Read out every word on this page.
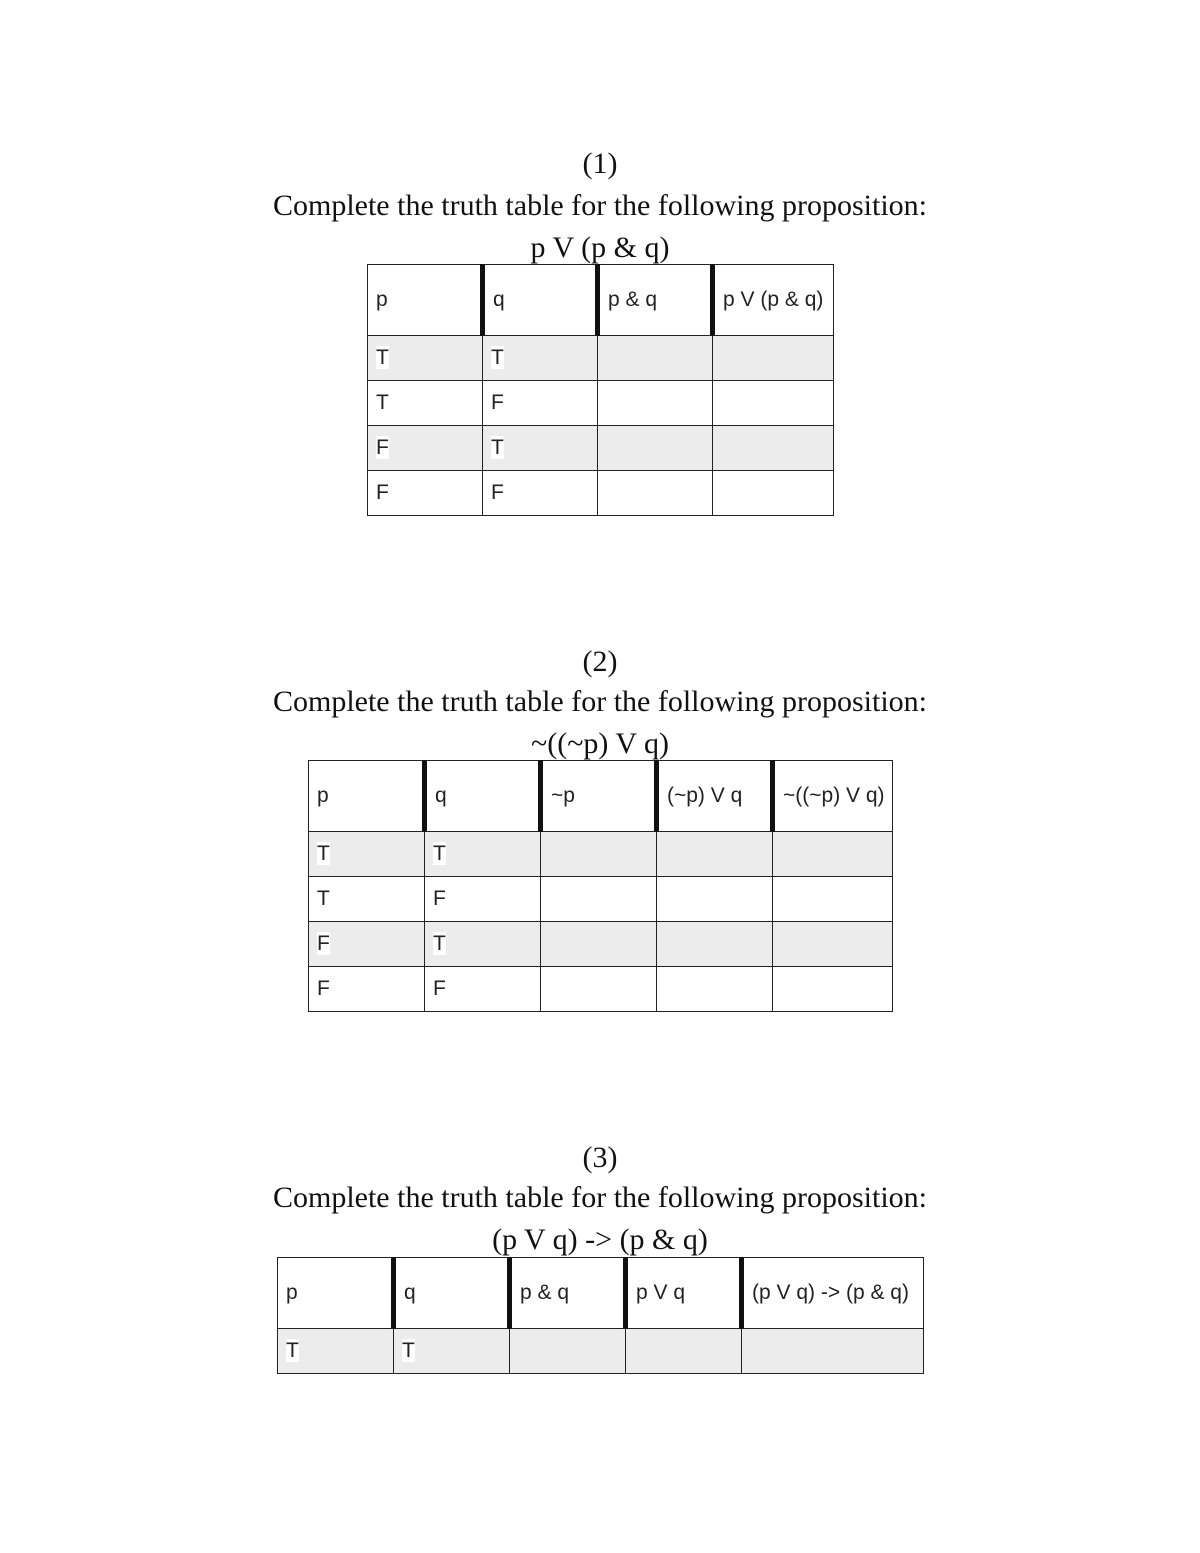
(1)
Complete the truth table for the following proposition:
p V (p & q)
p	q	p & q	p V (p & q)
T	T		
T	F		
F	T		
F	F		
(2)
Complete the truth table for the following proposition:
~((~p) V q)
p	q	~p	(~p) V q	~((~p) V q)
T	T			
T	F			
F	T			
F	F			
(3)
Complete the truth table for the following proposition:
(p V q) -> (p & q)
p	q	p & q	p V q	(p V q) -> (p & q)
T	T			
